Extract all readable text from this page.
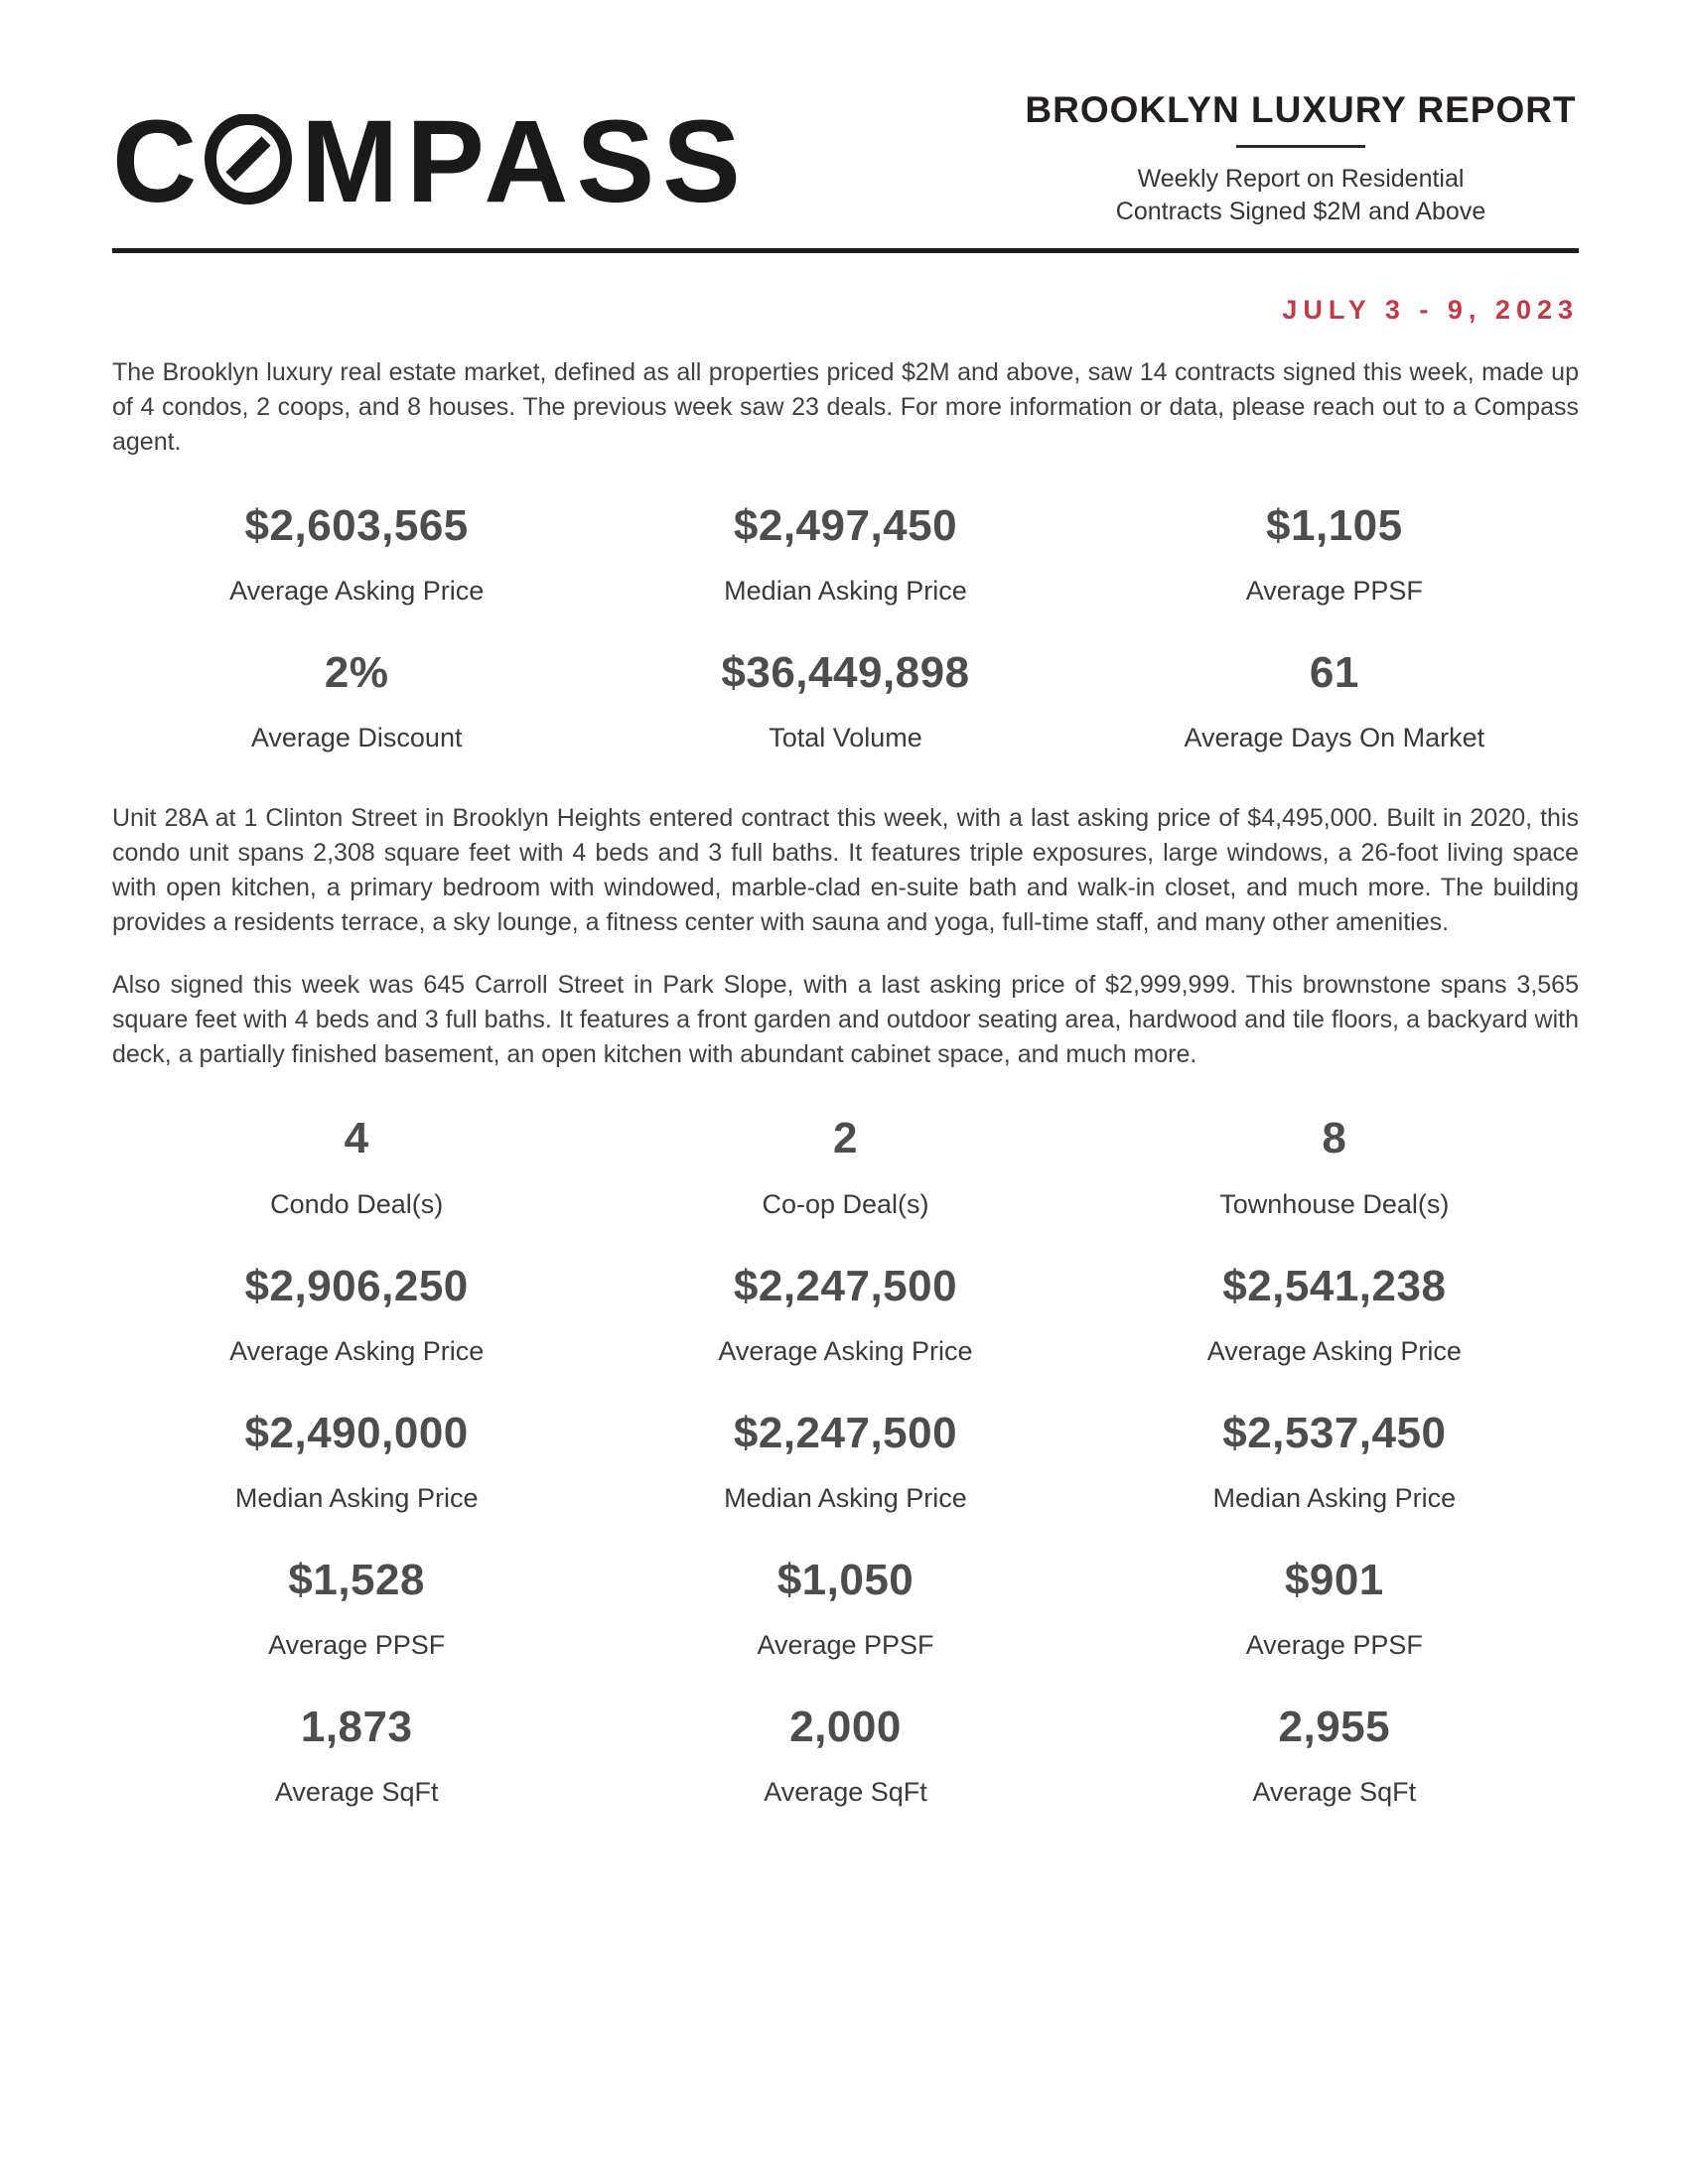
C MPASS	BROOKLYN LUXURY REPORT
Weekly Report on Residential
Contracts Signed $2M and Above
JULY 3 - 9, 2023

The Brooklyn luxury real estate market, defined as all properties priced $2M and above, saw 14 contracts signed this week, made up of 4 condos, 2 coops, and 8 houses. The previous week saw 23 deals. For more information or data, please reach out to a Compass agent.

$2,603,565
Average Asking Price
$2,497,450
Median Asking Price
$1,105
Average PPSF
2%
Average Discount
$36,449,898
Total Volume
61
Average Days On Market

Unit 28A at 1 Clinton Street in Brooklyn Heights entered contract this week, with a last asking price of $4,495,000. Built in 2020, this condo unit spans 2,308 square feet with 4 beds and 3 full baths. It features triple exposures, large windows, a 26-foot living space with open kitchen, a primary bedroom with windowed, marble-clad en-suite bath and walk-in closet, and much more. The building provides a residents terrace, a sky lounge, a fitness center with sauna and yoga, full-time staff, and many other amenities.

Also signed this week was 645 Carroll Street in Park Slope, with a last asking price of $2,999,999. This brownstone spans 3,565 square feet with 4 beds and 3 full baths. It features a front garden and outdoor seating area, hardwood and tile floors, a backyard with deck, a partially finished basement, an open kitchen with abundant cabinet space, and much more.

4
Condo Deal(s)
2
Co-op Deal(s)
8
Townhouse Deal(s)
$2,906,250
Average Asking Price
$2,247,500
Average Asking Price
$2,541,238
Average Asking Price
$2,490,000
Median Asking Price
$2,247,500
Median Asking Price
$2,537,450
Median Asking Price
$1,528
Average PPSF
$1,050
Average PPSF
$901
Average PPSF
1,873
Average SqFt
2,000
Average SqFt
2,955
Average SqFt
